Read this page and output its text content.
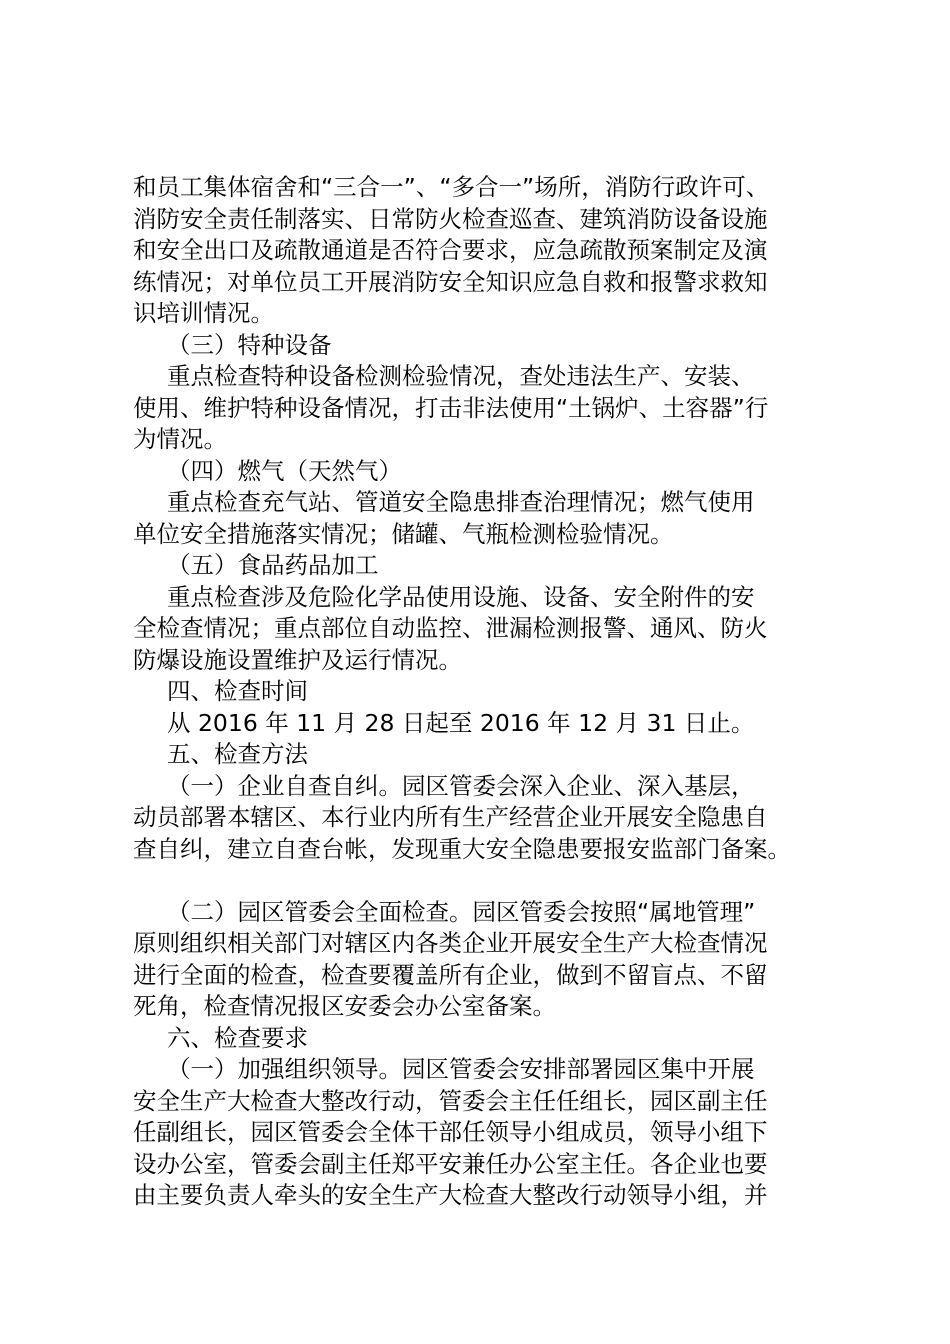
和员工集体宿舍和“三合一”、“多合一”场所，消防行政许可、
消防安全责任制落实、日常防火检查巡查、建筑消防设备设施
和安全出口及疏散通道是否符合要求，应急疏散预案制定及演
练情况；对单位员工开展消防安全知识应急自救和报警求救知
识培训情况。
（三）特种设备
重点检查特种设备检测检验情况，查处违法生产、安装、
使用、维护特种设备情况，打击非法使用“土锅炉、土容器”行
为情况。
（四）燃气（天然气）
重点检查充气站、管道安全隐患排查治理情况；燃气使用
单位安全措施落实情况；储罐、气瓶检测检验情况。
（五）食品药品加工
重点检查涉及危险化学品使用设施、设备、安全附件的安
全检查情况；重点部位自动监控、泄漏检测报警、通风、防火
防爆设施设置维护及运行情况。
四、检查时间
从 2016 年 11 月 28 日起至 2016 年 12 月 31 日止。
五、检查方法
（一）企业自查自纠。园区管委会深入企业、深入基层，
动员部署本辖区、本行业内所有生产经营企业开展安全隐患自
查自纠，建立自查台帐，发现重大安全隐患要报安监部门备案。
（二）园区管委会全面检查。园区管委会按照“属地管理”
原则组织相关部门对辖区内各类企业开展安全生产大检查情况
进行全面的检查，检查要覆盖所有企业，做到不留盲点、不留
死角，检查情况报区安委会办公室备案。
六、检查要求
（一）加强组织领导。园区管委会安排部署园区集中开展
安全生产大检查大整改行动，管委会主任任组长，园区副主任
任副组长，园区管委会全体干部任领导小组成员，领导小组下
设办公室，管委会副主任郑平安兼任办公室主任。各企业也要
由主要负责人牵头的安全生产大检查大整改行动领导小组，并
